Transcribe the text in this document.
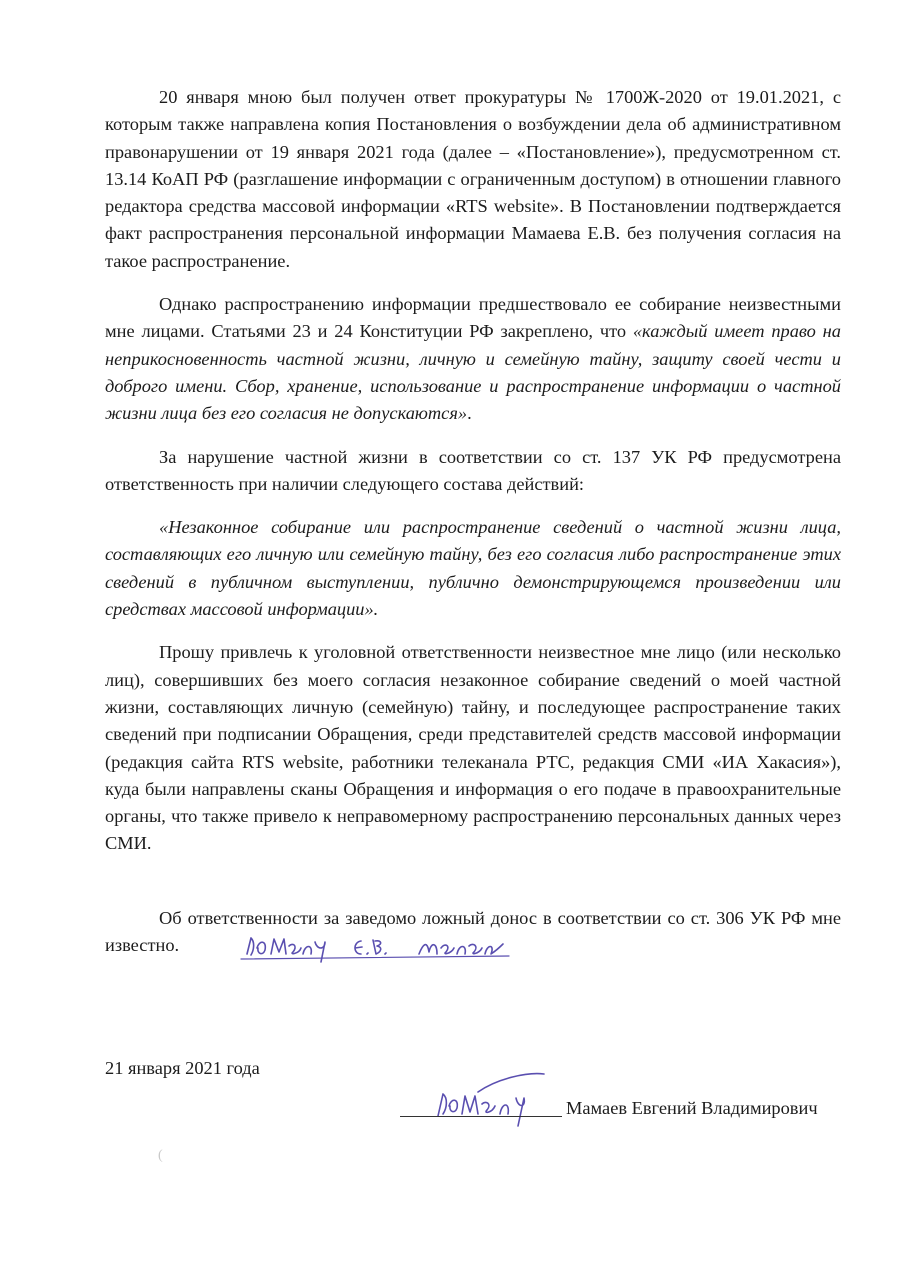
20 января мною был получен ответ прокуратуры № 1700Ж-2020 от 19.01.2021, с которым также направлена копия Постановления о возбуждении дела об административном правонарушении от 19 января 2021 года (далее – «Постановление»), предусмотренном ст. 13.14 КоАП РФ (разглашение информации с ограниченным доступом) в отношении главного редактора средства массовой информации «RTS website». В Постановлении подтверждается факт распространения персональной информации Мамаева Е.В. без получения согласия на такое распространение.

Однако распространению информации предшествовало ее собирание неизвестными мне лицами. Статьями 23 и 24 Конституции РФ закреплено, что «каждый имеет право на неприкосновенность частной жизни, личную и семейную тайну, защиту своей чести и доброго имени. Сбор, хранение, использование и распространение информации о частной жизни лица без его согласия не допускаются».

За нарушение частной жизни в соответствии со ст. 137 УК РФ предусмотрена ответственность при наличии следующего состава действий:

«Незаконное собирание или распространение сведений о частной жизни лица, составляющих его личную или семейную тайну, без его согласия либо распространение этих сведений в публичном выступлении, публично демонстрирующемся произведении или средствах массовой информации».

Прошу привлечь к уголовной ответственности неизвестное мне лицо (или несколько лиц), совершивших без моего согласия незаконное собирание сведений о моей частной жизни, составляющих личную (семейную) тайну, и последующее распространение таких сведений при подписании Обращения, среди представителей средств массовой информации (редакция сайта RTS website, работники телеканала РТС, редакция СМИ «ИА Хакасия»), куда были направлены сканы Обращения и информация о его подаче в правоохранительные органы, что также привело к неправомерному распространению персональных данных через СМИ.

Об ответственности за заведомо ложный донос в соответствии со ст. 306 УК РФ мне известно.

21 января 2021 года
Мамаев Евгений Владимирович
(
